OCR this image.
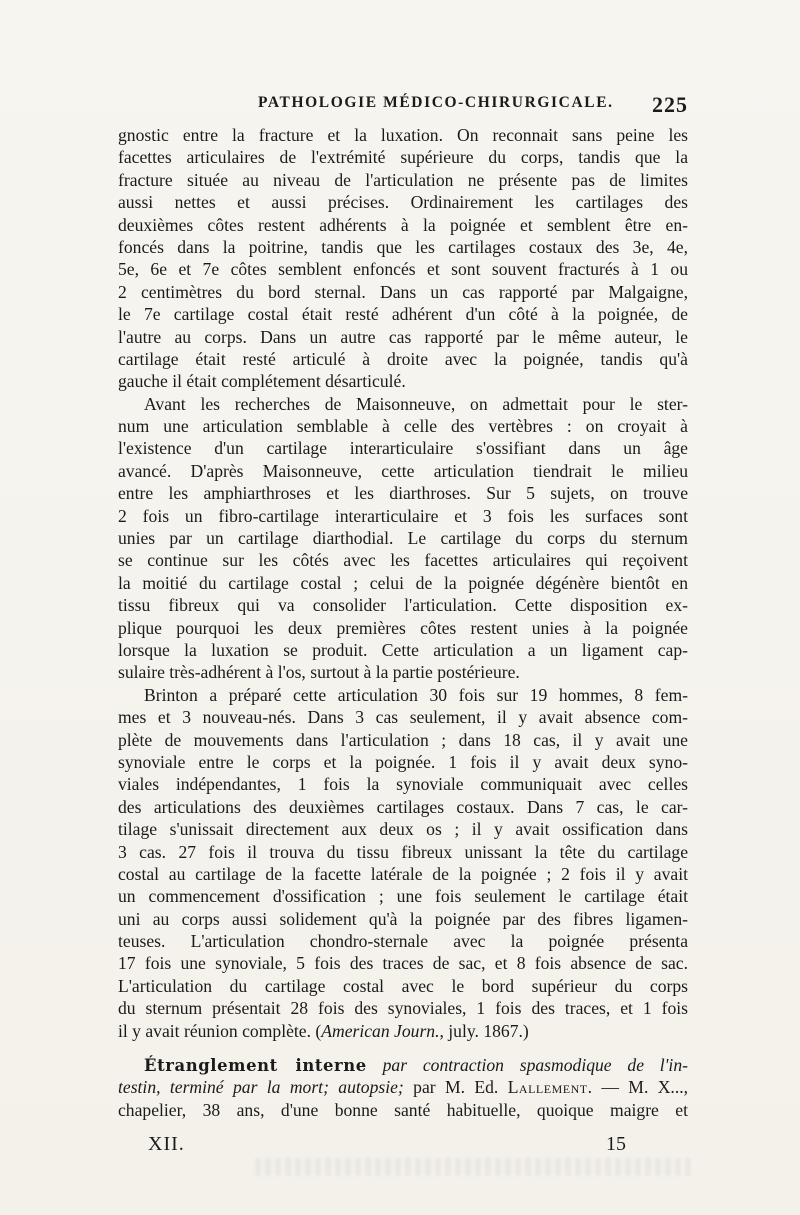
PATHOLOGIE MÉDICO-CHIRURGICALE. 225
gnostic entre la fracture et la luxation. On reconnait sans peine les
facettes articulaires de l'extrémité supérieure du corps, tandis que la
fracture située au niveau de l'articulation ne présente pas de limites
aussi nettes et aussi précises. Ordinairement les cartilages des
deuxièmes côtes restent adhérents à la poignée et semblent être en-
foncés dans la poitrine, tandis que les cartilages costaux des 3e, 4e,
5e, 6e et 7e côtes semblent enfoncés et sont souvent fracturés à 1 ou
2 centimètres du bord sternal. Dans un cas rapporté par Malgaigne,
le 7e cartilage costal était resté adhérent d'un côté à la poignée, de
l'autre au corps. Dans un autre cas rapporté par le même auteur, le
cartilage était resté articulé à droite avec la poignée, tandis qu'à
gauche il était complétement désarticulé.
Avant les recherches de Maisonneuve, on admettait pour le ster-
num une articulation semblable à celle des vertèbres : on croyait à
l'existence d'un cartilage interarticulaire s'ossifiant dans un âge
avancé. D'après Maisonneuve, cette articulation tiendrait le milieu
entre les amphiarthroses et les diarthroses. Sur 5 sujets, on trouve
2 fois un fibro-cartilage interarticulaire et 3 fois les surfaces sont
unies par un cartilage diarthodial. Le cartilage du corps du sternum
se continue sur les côtés avec les facettes articulaires qui reçoivent
la moitié du cartilage costal ; celui de la poignée dégénère bientôt en
tissu fibreux qui va consolider l'articulation. Cette disposition ex-
plique pourquoi les deux premières côtes restent unies à la poignée
lorsque la luxation se produit. Cette articulation a un ligament cap-
sulaire très-adhérent à l'os, surtout à la partie postérieure.
Brinton a préparé cette articulation 30 fois sur 19 hommes, 8 fem-
mes et 3 nouveau-nés. Dans 3 cas seulement, il y avait absence com-
plète de mouvements dans l'articulation ; dans 18 cas, il y avait une
synoviale entre le corps et la poignée. 1 fois il y avait deux syno-
viales indépendantes, 1 fois la synoviale communiquait avec celles
des articulations des deuxièmes cartilages costaux. Dans 7 cas, le car-
tilage s'unissait directement aux deux os ; il y avait ossification dans
3 cas. 27 fois il trouva du tissu fibreux unissant la tête du cartilage
costal au cartilage de la facette latérale de la poignée ; 2 fois il y avait
un commencement d'ossification ; une fois seulement le cartilage était
uni au corps aussi solidement qu'à la poignée par des fibres ligamen-
teuses. L'articulation chondro-sternale avec la poignée présenta
17 fois une synoviale, 5 fois des traces de sac, et 8 fois absence de sac.
L'articulation du cartilage costal avec le bord supérieur du corps
du sternum présentait 28 fois des synoviales, 1 fois des traces, et 1 fois
il y avait réunion complète. (American Journ., july. 1867.)
Étranglement interne par contraction spasmodique de l'in-
testin, terminé par la mort; autopsie; par M. Ed. Lallement. — M. X...,
chapelier, 38 ans, d'une bonne santé habituelle, quoique maigre et
XII.	15
